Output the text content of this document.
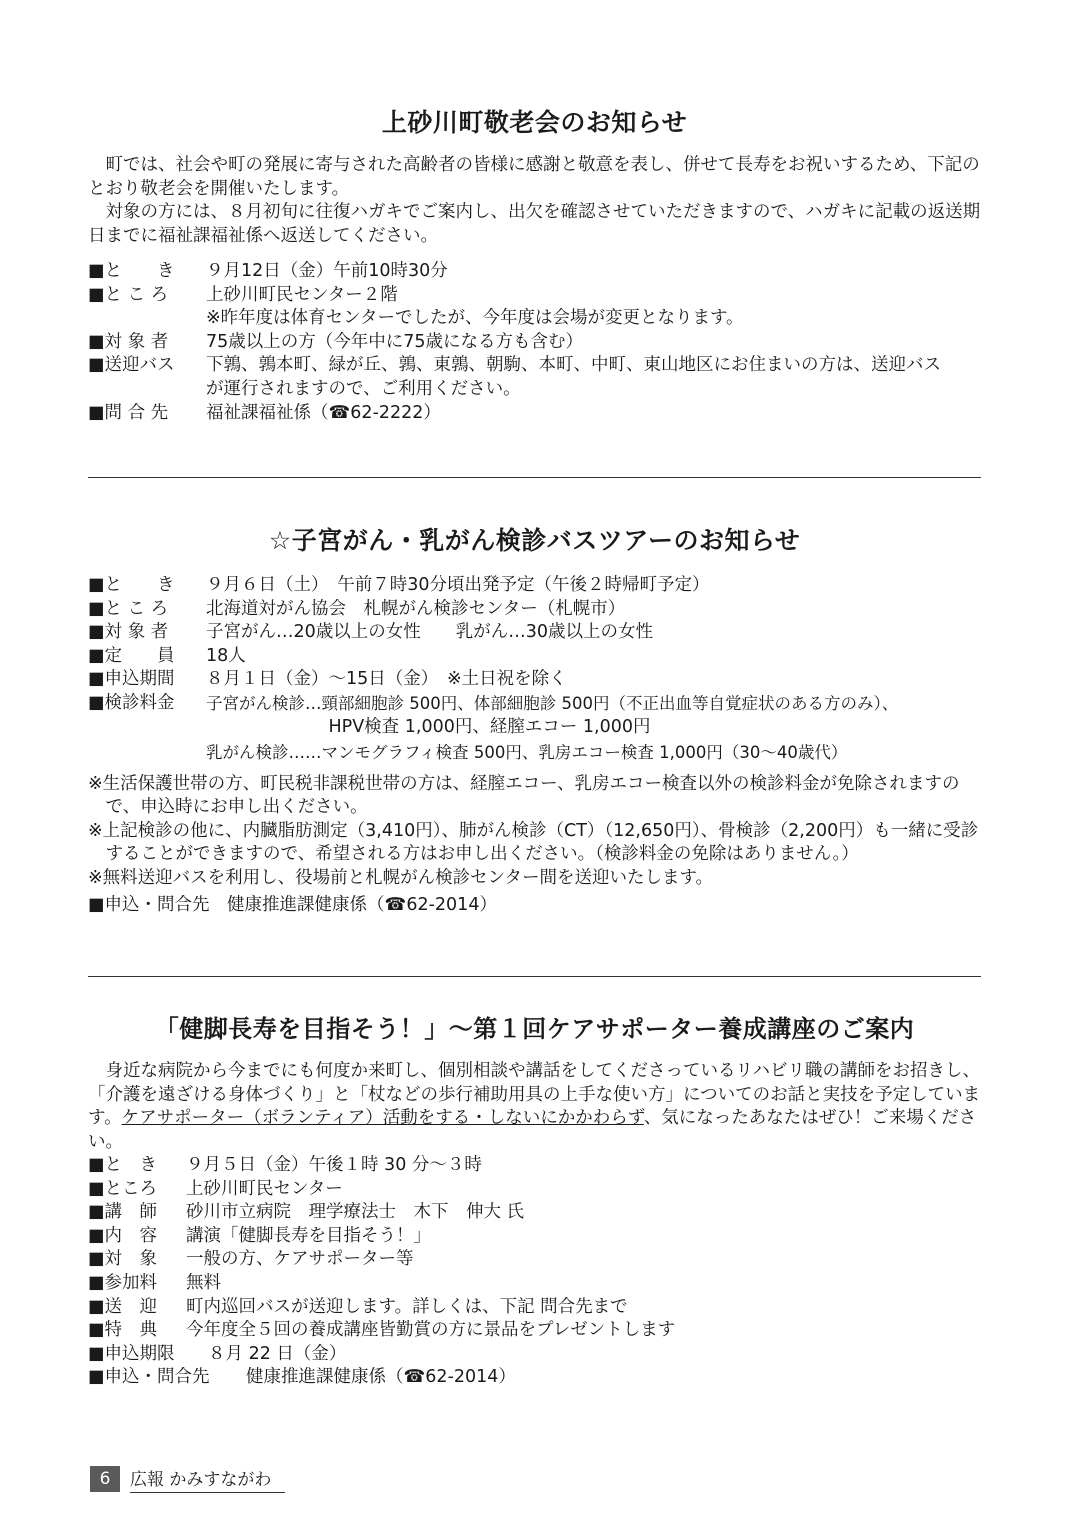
上砂川町敬老会のお知らせ

町では、社会や町の発展に寄与された高齢者の皆様に感謝と敬意を表し、併せて長寿をお祝いするため、下記のとおり敬老会を開催いたします。

対象の方には、８月初旬に往復ハガキでご案内し、出欠を確認させていただきますので、ハガキに記載の返送期日までに福祉課福祉係へ返送してください。

■と　　き	９月12日（金）午前10時30分
■と こ ろ	上砂川町民センター２階
※昨年度は体育センターでしたが、今年度は会場が変更となります。
■対 象 者	75歳以上の方（今年中に75歳になる方も含む）
■送迎バス	下鶉、鶉本町、緑が丘、鶉、東鶉、朝駒、本町、中町、東山地区にお住まいの方は、送迎バスが運行されますので、ご利用ください。
■問 合 先	福祉課福祉係（☎62-2222）
☆子宮がん・乳がん検診バスツアーのお知らせ
■と　　き	９月６日（土）　午前７時30分頃出発予定（午後２時帰町予定）
■と こ ろ	北海道対がん協会　札幌がん検診センター（札幌市）
■対 象 者	子宮がん…20歳以上の女性　　乳がん…30歳以上の女性
■定　　員	18人
■申込期間	８月１日（金）～15日（金）　※土日祝を除く
■検診料金	子宮がん検診…頸部細胞診 500円、体部細胞診 500円（不正出血等自覚症状のある方のみ）、
　　　　　　　HPV検査 1,000円、経膣エコー 1,000円
乳がん検診……マンモグラフィ検査 500円、乳房エコー検査 1,000円（30～40歳代）

※生活保護世帯の方、町民税非課税世帯の方は、経膣エコー、乳房エコー検査以外の検診料金が免除されますので、申込時にお申し出ください。

※上記検診の他に、内臓脂肪測定（3,410円）、肺がん検診（CT）（12,650円）、骨検診（2,200円）も一緒に受診することができますので、希望される方はお申し出ください。（検診料金の免除はありません。）

※無料送迎バスを利用し、役場前と札幌がん検診センター間を送迎いたします。

■申込・問合先　健康推進課健康係（☎62-2014）

「健脚長寿を目指そう！」～第１回ケアサポーター養成講座のご案内

身近な病院から今までにも何度か来町し、個別相談や講話をしてくださっているリハビリ職の講師をお招きし、「介護を遠ざける身体づくり」と「杖などの歩行補助用具の上手な使い方」についてのお話と実技を予定しています。ケアサポーター（ボランティア）活動をする・しないにかかわらず、気になったあなたはぜひ！ご来場ください。

■と　き	９月５日（金）午後１時 30 分～３時
■ところ	上砂川町民センター
■講　師	砂川市立病院　理学療法士　木下　伸大 氏
■内　容	講演「健脚長寿を目指そう！」
■対　象	一般の方、ケアサポーター等
■参加料	無料
■送　迎	町内巡回バスが送迎します。詳しくは、下記 問合先まで
■特　典	今年度全５回の養成講座皆勤賞の方に景品をプレゼントします
■申込期限	８月 22 日（金）
■申込・問合先	健康推進課健康係（☎62-2014）
6	広報 かみすながわ
